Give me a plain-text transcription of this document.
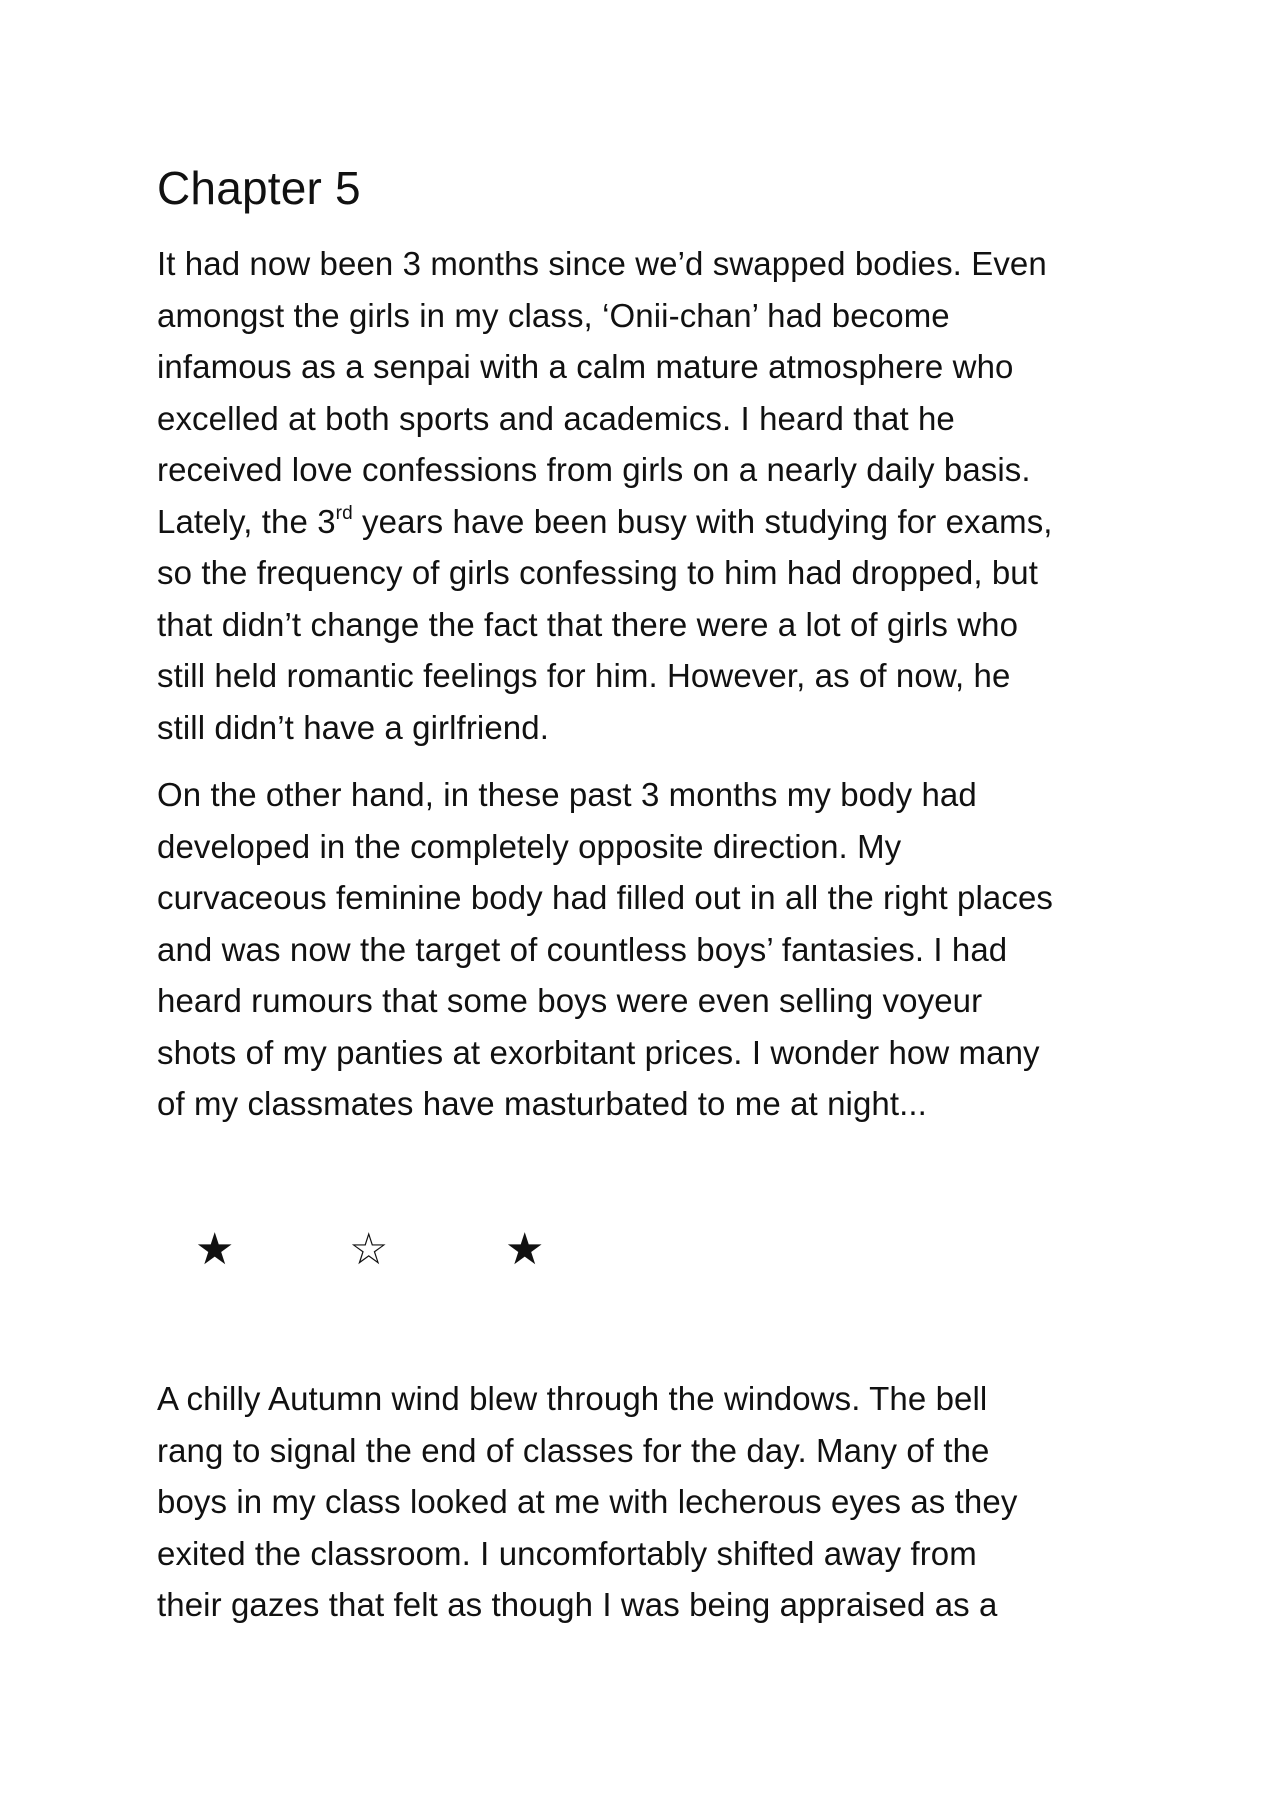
Chapter 5

It had now been 3 months since we’d swapped bodies. Even
amongst the girls in my class, ‘Onii-chan’ had become
infamous as a senpai with a calm mature atmosphere who
excelled at both sports and academics. I heard that he
received love confessions from girls on a nearly daily basis.
Lately, the 3rd years have been busy with studying for exams,
so the frequency of girls confessing to him had dropped, but
that didn’t change the fact that there were a lot of girls who
still held romantic feelings for him. However, as of now, he
still didn’t have a girlfriend.

On the other hand, in these past 3 months my body had
developed in the completely opposite direction. My
curvaceous feminine body had filled out in all the right places
and was now the target of countless boys’ fantasies. I had
heard rumours that some boys were even selling voyeur
shots of my panties at exorbitant prices. I wonder how many
of my classmates have masturbated to me at night...

★	☆	★

A chilly Autumn wind blew through the windows. The bell
rang to signal the end of classes for the day. Many of the
boys in my class looked at me with lecherous eyes as they
exited the classroom. I uncomfortably shifted away from
their gazes that felt as though I was being appraised as a
